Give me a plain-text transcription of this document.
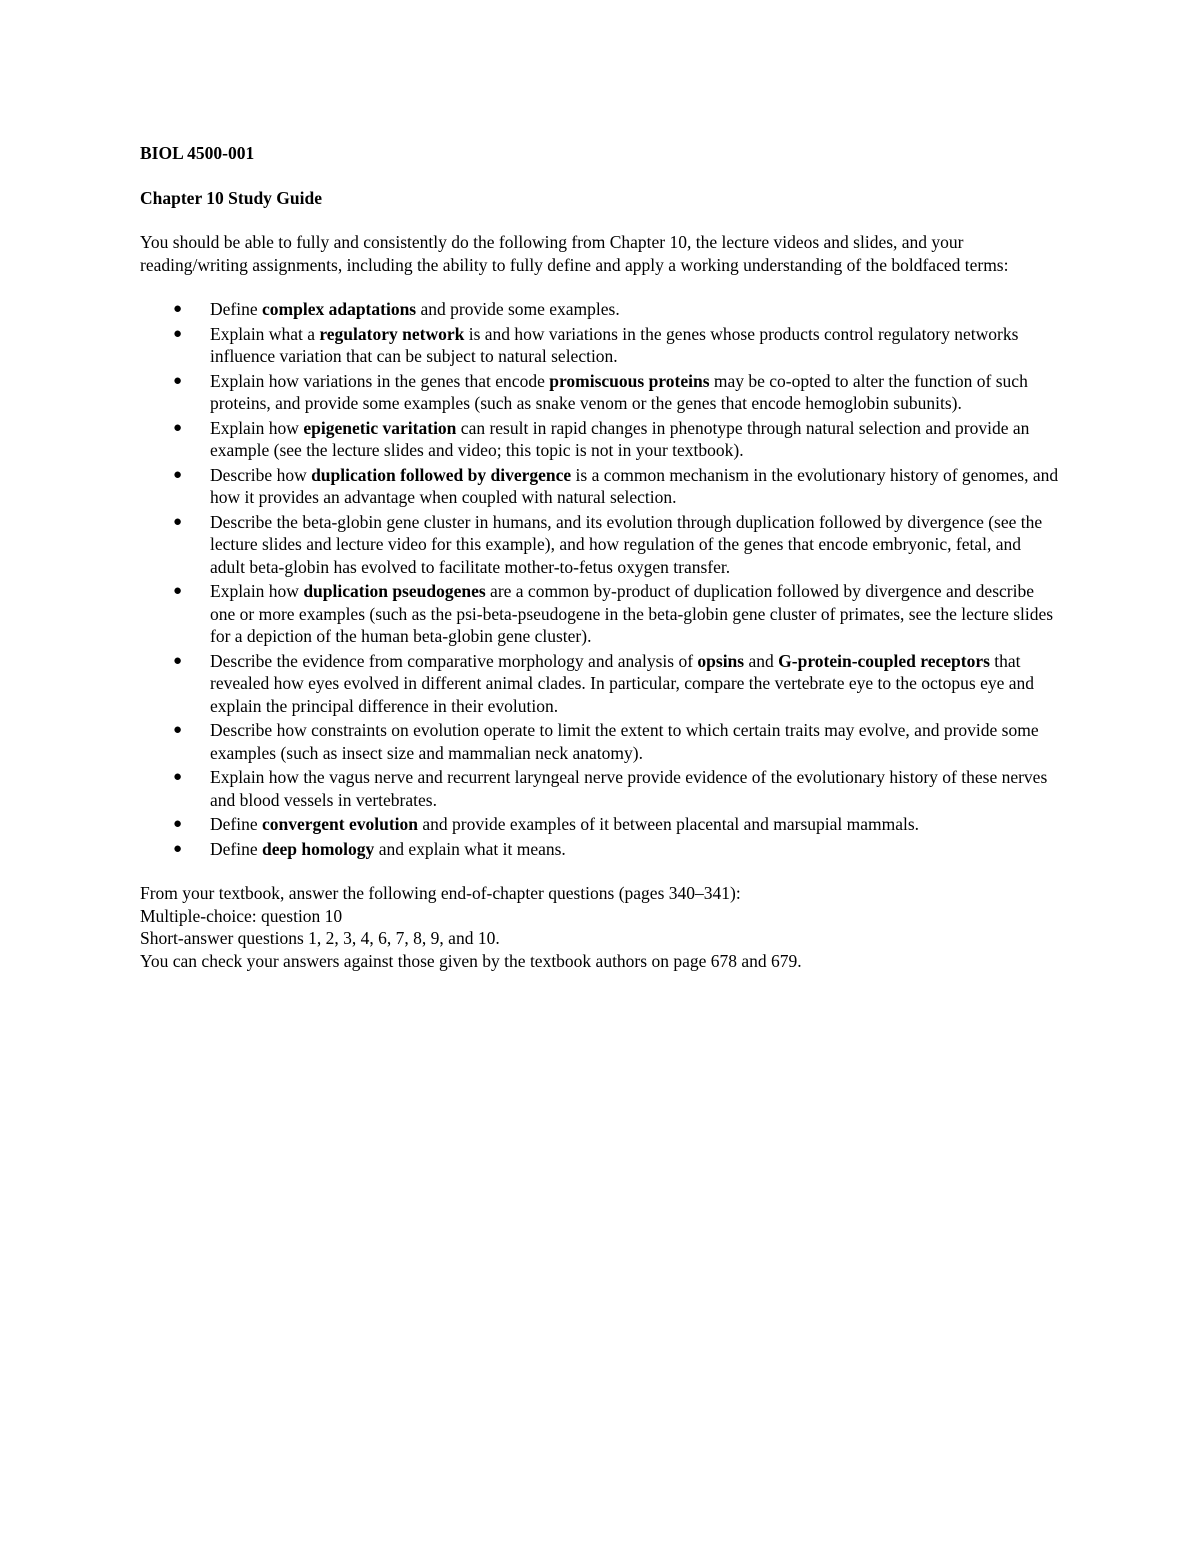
BIOL 4500-001

Chapter 10 Study Guide

You should be able to fully and consistently do the following from Chapter 10, the lecture videos and slides, and your reading/writing assignments, including the ability to fully define and apply a working understanding of the boldfaced terms:

● Define complex adaptations and provide some examples.
● Explain what a regulatory network is and how variations in the genes whose products control regulatory networks influence variation that can be subject to natural selection.
● Explain how variations in the genes that encode promiscuous proteins may be co-opted to alter the function of such proteins, and provide some examples (such as snake venom or the genes that encode hemoglobin subunits).
● Explain how epigenetic varitation can result in rapid changes in phenotype through natural selection and provide an example (see the lecture slides and video; this topic is not in your textbook).
● Describe how duplication followed by divergence is a common mechanism in the evolutionary history of genomes, and how it provides an advantage when coupled with natural selection.
● Describe the beta-globin gene cluster in humans, and its evolution through duplication followed by divergence (see the lecture slides and lecture video for this example), and how regulation of the genes that encode embryonic, fetal, and adult beta-globin has evolved to facilitate mother-to-fetus oxygen transfer.
● Explain how duplication pseudogenes are a common by-product of duplication followed by divergence and describe one or more examples (such as the psi-beta-pseudogene in the beta-globin gene cluster of primates, see the lecture slides for a depiction of the human beta-globin gene cluster).
● Describe the evidence from comparative morphology and analysis of opsins and G-protein-coupled receptors that revealed how eyes evolved in different animal clades. In particular, compare the vertebrate eye to the octopus eye and explain the principal difference in their evolution.
● Describe how constraints on evolution operate to limit the extent to which certain traits may evolve, and provide some examples (such as insect size and mammalian neck anatomy).
● Explain how the vagus nerve and recurrent laryngeal nerve provide evidence of the evolutionary history of these nerves and blood vessels in vertebrates.
● Define convergent evolution and provide examples of it between placental and marsupial mammals.
● Define deep homology and explain what it means.

From your textbook, answer the following end-of-chapter questions (pages 340–341):

Multiple-choice: question 10

Short-answer questions 1, 2, 3, 4, 6, 7, 8, 9, and 10.

You can check your answers against those given by the textbook authors on page 678 and 679.
